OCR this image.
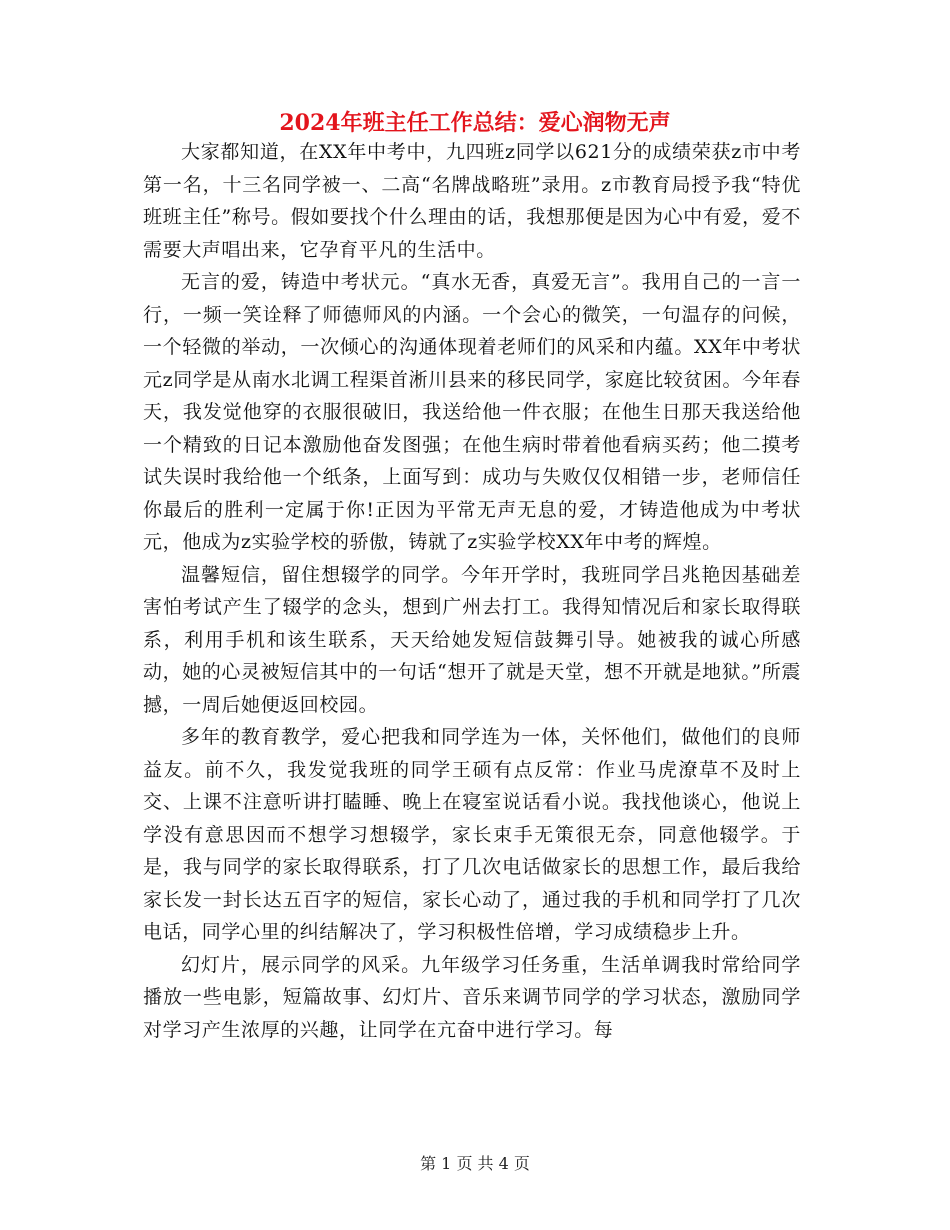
2024年班主任工作总结：爱心润物无声

大家都知道，在XX年中考中，九四班z同学以621分的成绩荣获z市中考第一名，十三名同学被一、二高“名牌战略班”录用。z市教育局授予我“特优班班主任”称号。假如要找个什么理由的话，我想那便是因为心中有爱，爱不需要大声唱出来，它孕育平凡的生活中。

无言的爱，铸造中考状元。“真水无香，真爱无言”。我用自己的一言一行，一频一笑诠释了师德师风的内涵。一个会心的微笑，一句温存的问候，一个轻微的举动，一次倾心的沟通体现着老师们的风采和内蕴。XX年中考状元z同学是从南水北调工程渠首淅川县来的移民同学，家庭比较贫困。今年春天，我发觉他穿的衣服很破旧，我送给他一件衣服；在他生日那天我送给他一个精致的日记本激励他奋发图强；在他生病时带着他看病买药；他二摸考试失误时我给他一个纸条，上面写到：成功与失败仅仅相错一步，老师信任你最后的胜利一定属于你!正因为平常无声无息的爱，才铸造他成为中考状元，他成为z实验学校的骄傲，铸就了z实验学校XX年中考的辉煌。

温馨短信，留住想辍学的同学。今年开学时，我班同学吕兆艳因基础差害怕考试产生了辍学的念头，想到广州去打工。我得知情况后和家长取得联系，利用手机和该生联系，天天给她发短信鼓舞引导。她被我的诚心所感动，她的心灵被短信其中的一句话“想开了就是天堂，想不开就是地狱。”所震撼，一周后她便返回校园。

多年的教育教学，爱心把我和同学连为一体，关怀他们，做他们的良师益友。前不久，我发觉我班的同学王硕有点反常：作业马虎潦草不及时上交、上课不注意听讲打瞌睡、晚上在寝室说话看小说。我找他谈心，他说上学没有意思因而不想学习想辍学，家长束手无策很无奈，同意他辍学。于是，我与同学的家长取得联系，打了几次电话做家长的思想工作，最后我给家长发一封长达五百字的短信，家长心动了，通过我的手机和同学打了几次电话，同学心里的纠结解决了，学习积极性倍增，学习成绩稳步上升。

幻灯片，展示同学的风采。九年级学习任务重，生活单调我时常给同学播放一些电影，短篇故事、幻灯片、音乐来调节同学的学习状态，激励同学对学习产生浓厚的兴趣，让同学在亢奋中进行学习。每

第 1 页 共 4 页
